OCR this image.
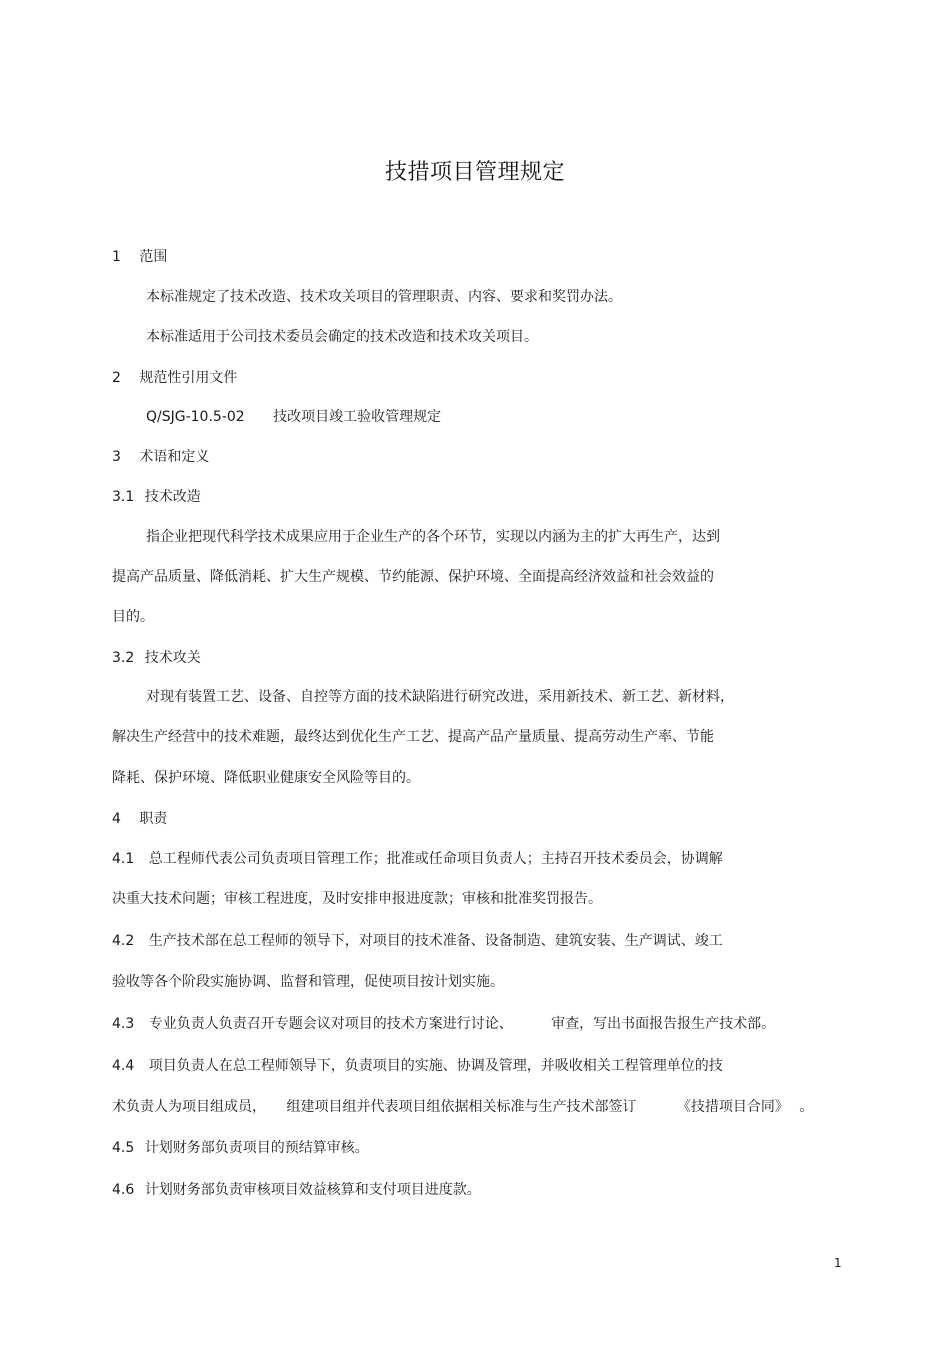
技措项目管理规定
1 范围
本标准规定了技术改造、技术攻关项目的管理职责、内容、要求和奖罚办法。
本标准适用于公司技术委员会确定的技术改造和技术攻关项目。
2 规范性引用文件
Q/SJG-10.5-02 技改项目竣工验收管理规定
3 术语和定义
3.1 技术改造
指企业把现代科学技术成果应用于企业生产的各个环节，实现以内涵为主的扩大再生产，达到
提高产品质量、降低消耗、扩大生产规模、节约能源、保护环境、全面提高经济效益和社会效益的
目的。
3.2 技术攻关
对现有装置工艺、设备、自控等方面的技术缺陷进行研究改进，采用新技术、新工艺、新材料，
解决生产经营中的技术难题，最终达到优化生产工艺、提高产品产量质量、提高劳动生产率、节能
降耗、保护环境、降低职业健康安全风险等目的。
4 职责
4.1 总工程师代表公司负责项目管理工作；批准或任命项目负责人；主持召开技术委员会，协调解
决重大技术问题；审核工程进度，及时安排申报进度款；审核和批准奖罚报告。
4.2 生产技术部在总工程师的领导下，对项目的技术准备、设备制造、建筑安装、生产调试、竣工
验收等各个阶段实施协调、监督和管理，促使项目按计划实施。
4.3 专业负责人负责召开专题会议对项目的技术方案进行讨论、	审查，写出书面报告报生产技术部。
4.4 项目负责人在总工程师领导下，负责项目的实施、协调及管理，并吸收相关工程管理单位的技
术负责人为项目组成员， 组建项目组并代表项目组依据相关标准与生产技术部签订	《技措项目合同》 。
4.5 计划财务部负责项目的预结算审核。
4.6 计划财务部负责审核项目效益核算和支付项目进度款。
1
